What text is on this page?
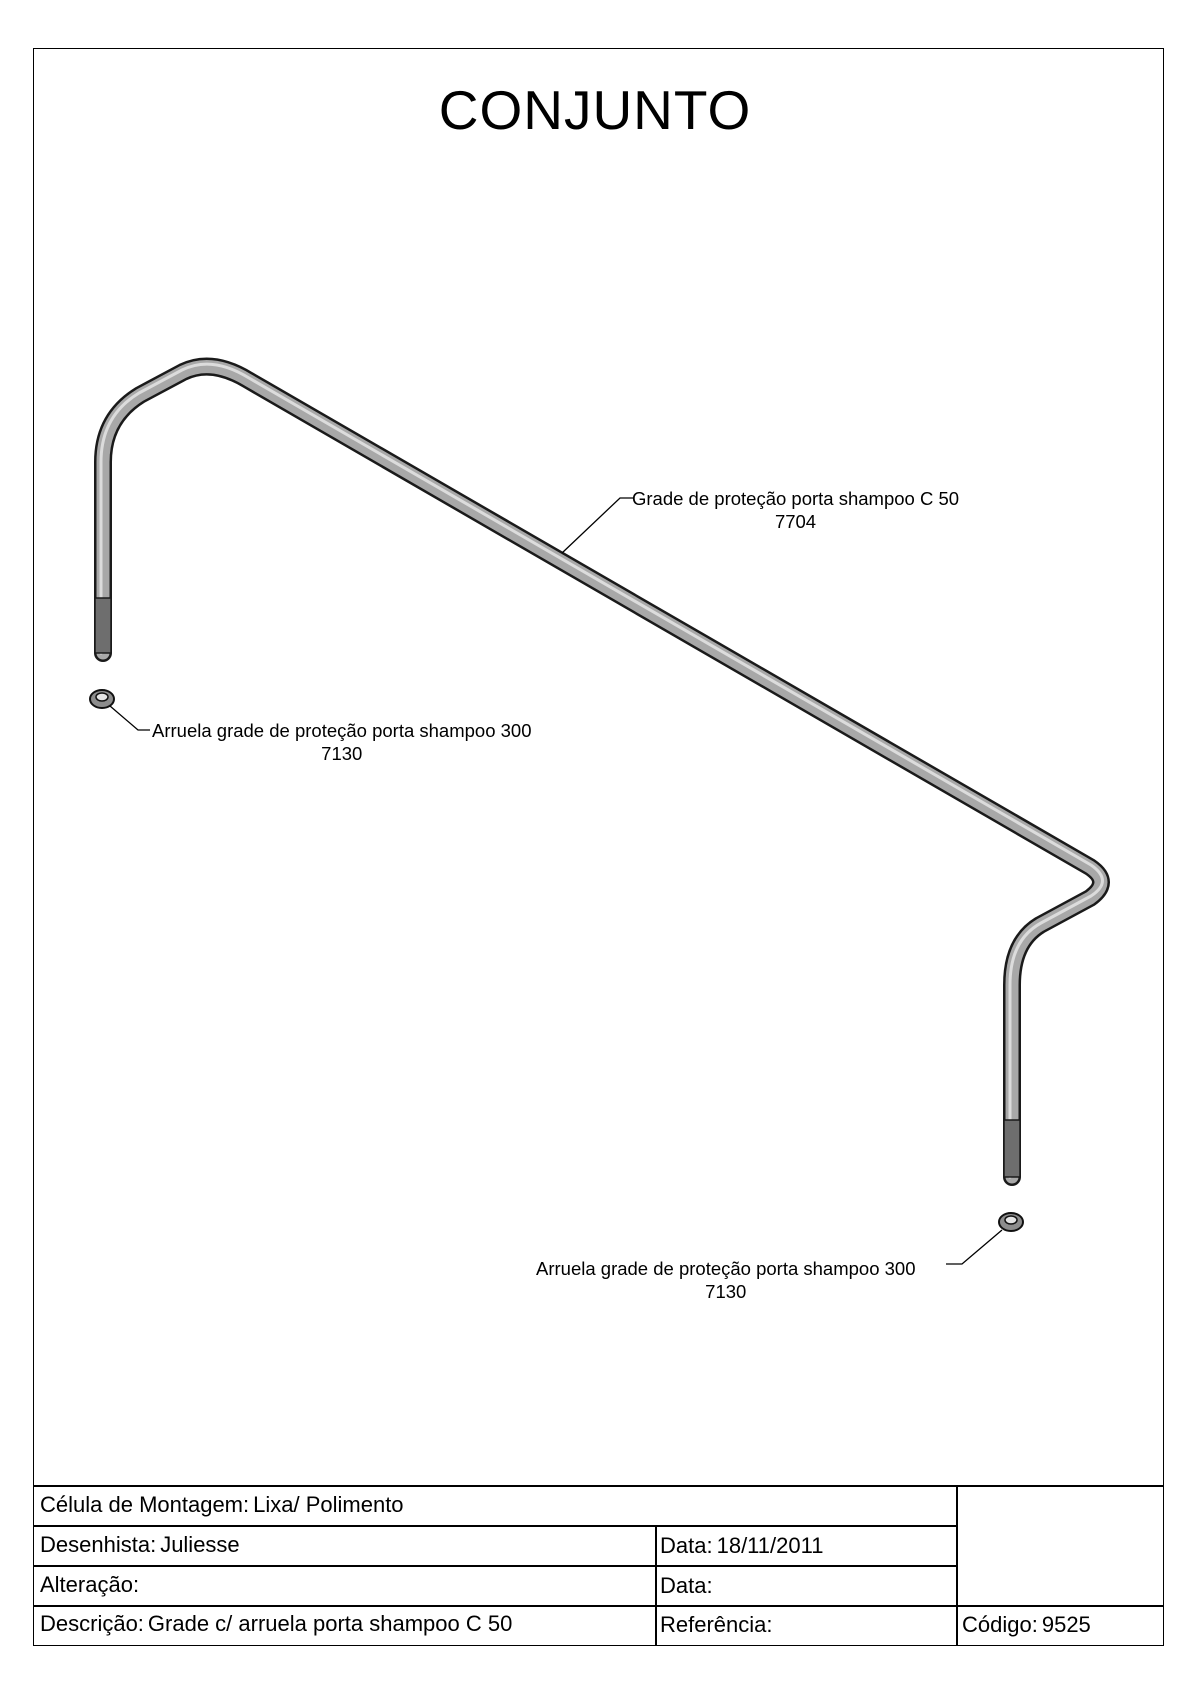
CONJUNTO
Grade de proteção porta shampoo C 50
7704
Arruela grade de proteção porta shampoo 300
7130
Arruela grade de proteção porta shampoo 300
7130
Célula de Montagem: Lixa/ Polimento
Desenhista: Juliesse	Data: 18/11/2011
Alteração:	Data:
Descrição: Grade c/ arruela porta shampoo C 50	Referência:	Código: 9525
